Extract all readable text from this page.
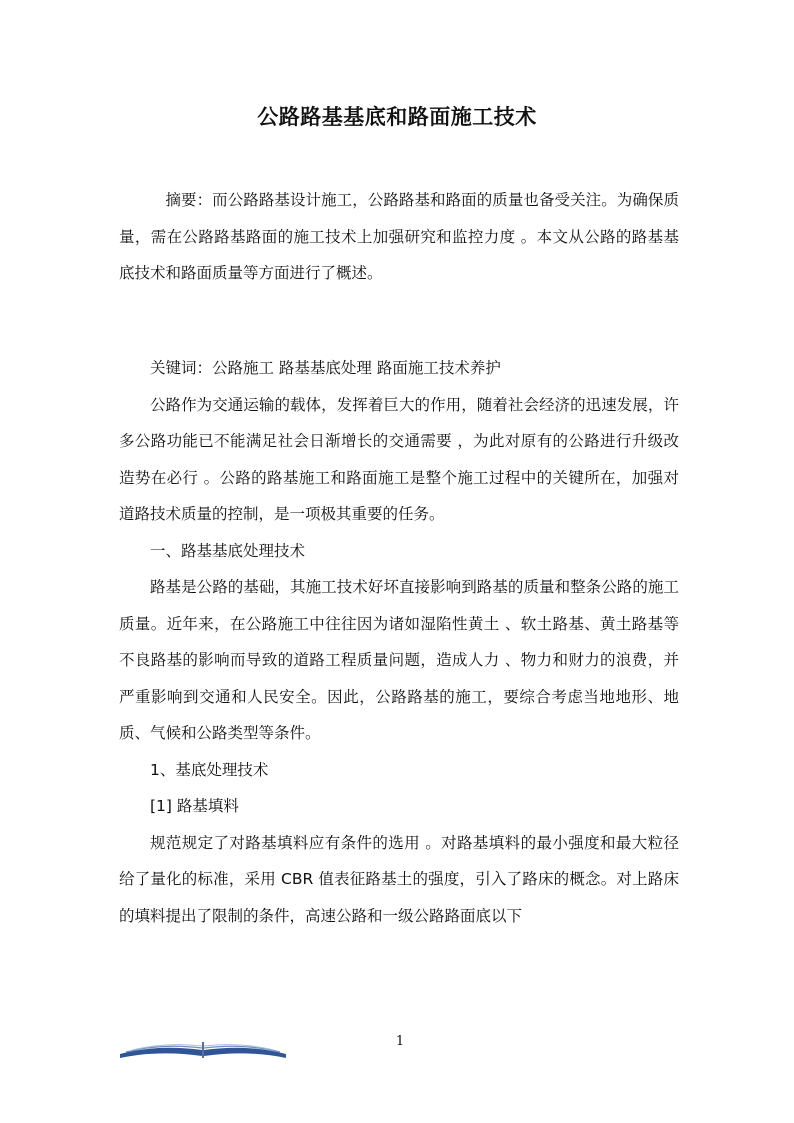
公路路基基底和路面施工技术

摘要：而公路路基设计施工，公路路基和路面的质量也备受关注。为确保质量，需在公路路基路面的施工技术上加强研究和监控力度 。本文从公路的路基基底技术和路面质量等方面进行了概述。

关键词：公路施工 路基基底处理 路面施工技术养护

公路作为交通运输的载体，发挥着巨大的作用，随着社会经济的迅速发展，许多公路功能已不能满足社会日渐增长的交通需要 ，为此对原有的公路进行升级改造势在必行 。公路的路基施工和路面施工是整个施工过程中的关键所在，加强对道路技术质量的控制，是一项极其重要的任务。

一、路基基底处理技术

路基是公路的基础，其施工技术好坏直接影响到路基的质量和整条公路的施工质量。近年来，在公路施工中往往因为诸如湿陷性黄土 、软土路基、黄土路基等不良路基的影响而导致的道路工程质量问题，造成人力 、物力和财力的浪费，并严重影响到交通和人民安全。因此，公路路基的施工，要综合考虑当地地形、地质、气候和公路类型等条件。

1、基底处理技术

[1] 路基填料

规范规定了对路基填料应有条件的选用 。对路基填料的最小强度和最大粒径给了量化的标准，采用 CBR 值表征路基土的强度，引入了路床的概念。对上路床的填料提出了限制的条件，高速公路和一级公路路面底以下

1
